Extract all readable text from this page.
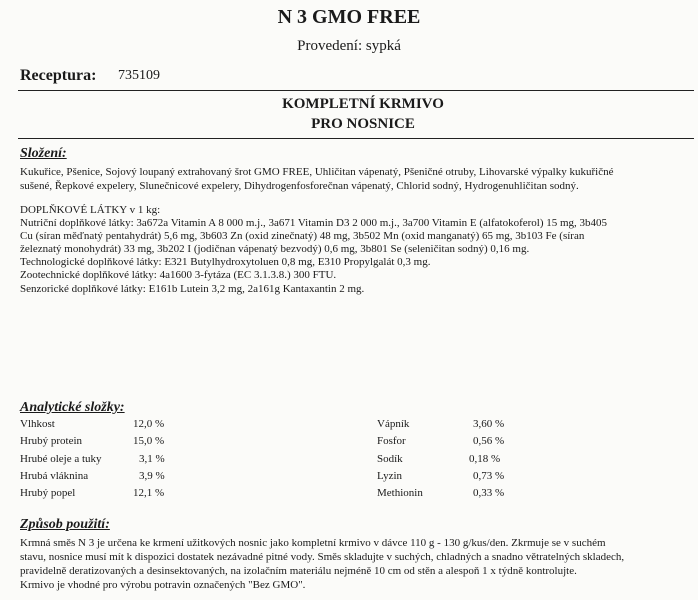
N 3 GMO FREE
Provedení: sypká
Receptura: 735109
KOMPLETNÍ KRMIVO
PRO NOSNICE
Složení:
Kukuřice, Pšenice, Sojový loupaný extrahovaný šrot GMO FREE, Uhličitan vápenatý, Pšeničné otruby, Lihovarské výpalky kukuřičné
sušené, Řepkové expelery, Slunečnicové expelery, Dihydrogenfosforečnan vápenatý, Chlorid sodný, Hydrogenuhličitan sodný.
DOPLŇKOVÉ LÁTKY v 1 kg:
Nutriční doplňkové látky: 3a672a Vitamin A 8 000 m.j., 3a671 Vitamin D3 2 000 m.j., 3a700 Vitamin E (alfatokoferol) 15 mg, 3b405
Cu (síran měďnatý pentahydrát) 5,6 mg, 3b603 Zn (oxid zinečnatý) 48 mg, 3b502 Mn (oxid manganatý) 65 mg, 3b103 Fe (síran
železnatý monohydrát) 33 mg, 3b202 I (jodičnan vápenatý bezvodý) 0,6 mg, 3b801 Se (seleničitan sodný) 0,16 mg.
Technologické doplňkové látky: E321 Butylhydroxytoluen 0,8 mg, E310 Propylgalát 0,3 mg.
Zootechnické doplňkové látky: 4a1600 3-fytáza (EC 3.1.3.8.) 300 FTU.
Senzorické doplňkové látky: E161b Lutein 3,2 mg, 2a161g Kantaxantin 2 mg.
Analytické složky:
Vlhkost	12,0 %
Hrubý protein	15,0 %
Hrubé oleje a tuky	3,1 %
Hrubá vláknina	3,9 %
Hrubý popel	12,1 %
Vápník	3,60 %
Fosfor	0,56 %
Sodík	0,18 %
Lyzin	0,73 %
Methionin	0,33 %
Způsob použití:
Krmná směs N 3 je určena ke krmení užitkových nosnic jako kompletní krmivo v dávce 110 g - 130 g/kus/den. Zkrmuje se v suchém
stavu, nosnice musí mít k dispozici dostatek nezávadné pitné vody. Směs skladujte v suchých, chladných a snadno větratelných skladech,
pravidelně deratizovaných a desinsektovaných, na izolačním materiálu nejméně 10 cm od stěn a alespoň 1 x týdně kontrolujte.
Krmivo je vhodné pro výrobu potravin označených "Bez GMO".
